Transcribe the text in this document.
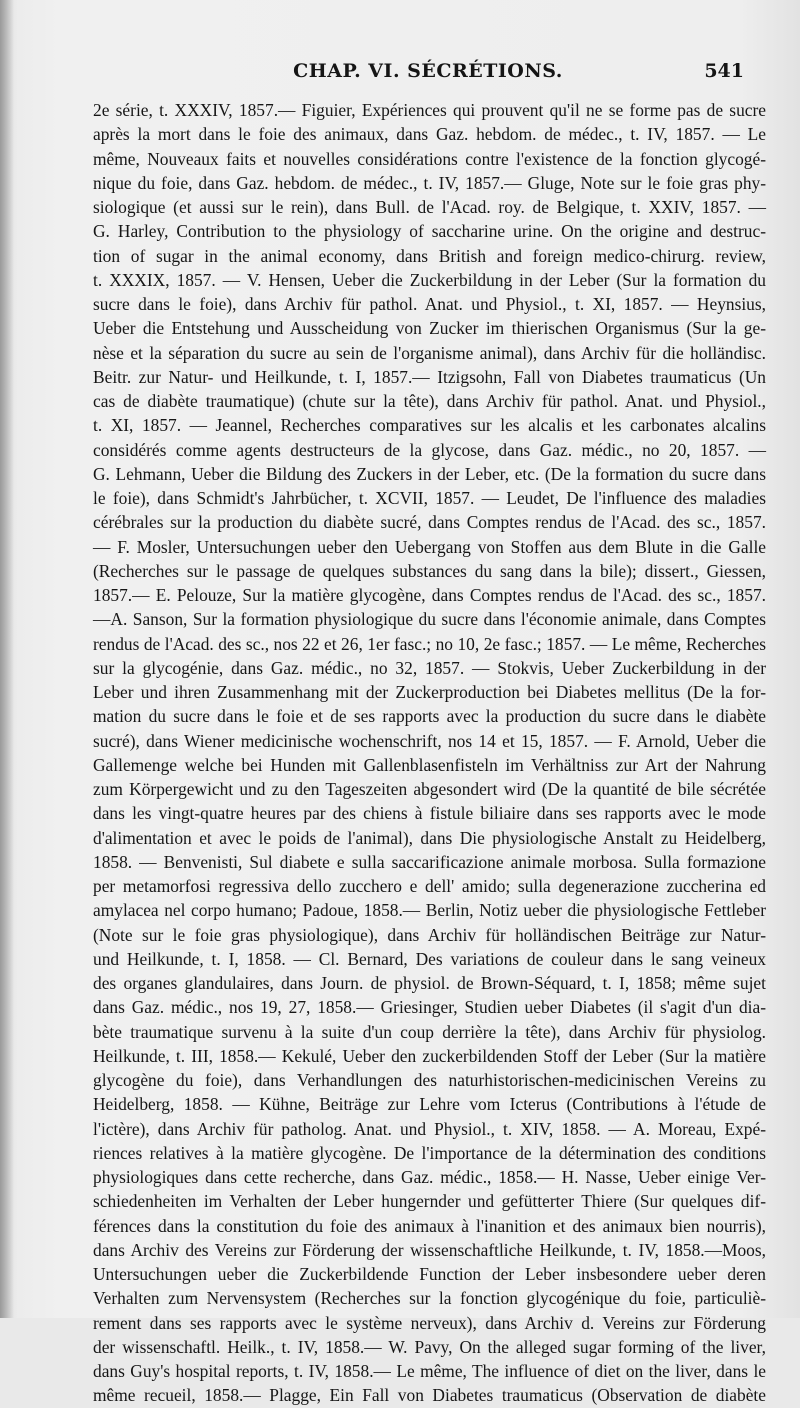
CHAP. VI. SÉCRÉTIONS.	541
2e série, t. XXXIV, 1857.— Figuier, Expériences qui prouvent qu'il ne se forme pas de sucre
après la mort dans le foie des animaux, dans Gaz. hebdom. de médec., t. IV, 1857. — Le
même, Nouveaux faits et nouvelles considérations contre l'existence de la fonction glycogé-
nique du foie, dans Gaz. hebdom. de médec., t. IV, 1857.— Gluge, Note sur le foie gras phy-
siologique (et aussi sur le rein), dans Bull. de l'Acad. roy. de Belgique, t. XXIV, 1857. —
G. Harley, Contribution to the physiology of saccharine urine. On the origine and destruc-
tion of sugar in the animal economy, dans British and foreign medico-chirurg. review,
t. XXXIX, 1857. — V. Hensen, Ueber die Zuckerbildung in der Leber (Sur la formation du
sucre dans le foie), dans Archiv für pathol. Anat. und Physiol., t. XI, 1857. — Heynsius,
Ueber die Entstehung und Ausscheidung von Zucker im thierischen Organismus (Sur la ge-
nèse et la séparation du sucre au sein de l'organisme animal), dans Archiv für die holländisc.
Beitr. zur Natur- und Heilkunde, t. I, 1857.— Itzigsohn, Fall von Diabetes traumaticus (Un
cas de diabète traumatique) (chute sur la tête), dans Archiv für pathol. Anat. und Physiol.,
t. XI, 1857. — Jeannel, Recherches comparatives sur les alcalis et les carbonates alcalins
considérés comme agents destructeurs de la glycose, dans Gaz. médic., no 20, 1857. —
G. Lehmann, Ueber die Bildung des Zuckers in der Leber, etc. (De la formation du sucre dans
le foie), dans Schmidt's Jahrbücher, t. XCVII, 1857. — Leudet, De l'influence des maladies
cérébrales sur la production du diabète sucré, dans Comptes rendus de l'Acad. des sc., 1857.
— F. Mosler, Untersuchungen ueber den Uebergang von Stoffen aus dem Blute in die Galle
(Recherches sur le passage de quelques substances du sang dans la bile); dissert., Giessen,
1857.— E. Pelouze, Sur la matière glycogène, dans Comptes rendus de l'Acad. des sc., 1857.
—A. Sanson, Sur la formation physiologique du sucre dans l'économie animale, dans Comptes
rendus de l'Acad. des sc., nos 22 et 26, 1er fasc.; no 10, 2e fasc.; 1857. — Le même, Recherches
sur la glycogénie, dans Gaz. médic., no 32, 1857. — Stokvis, Ueber Zuckerbildung in der
Leber und ihren Zusammenhang mit der Zuckerproduction bei Diabetes mellitus (De la for-
mation du sucre dans le foie et de ses rapports avec la production du sucre dans le diabète
sucré), dans Wiener medicinische wochenschrift, nos 14 et 15, 1857. — F. Arnold, Ueber die
Gallemenge welche bei Hunden mit Gallenblasenfisteln im Verhältniss zur Art der Nahrung
zum Körpergewicht und zu den Tageszeiten abgesondert wird (De la quantité de bile sécrétée
dans les vingt-quatre heures par des chiens à fistule biliaire dans ses rapports avec le mode
d'alimentation et avec le poids de l'animal), dans Die physiologische Anstalt zu Heidelberg,
1858. — Benvenisti, Sul diabete e sulla saccarificazione animale morbosa. Sulla formazione
per metamorfosi regressiva dello zucchero e dell' amido; sulla degenerazione zuccherina ed
amylacea nel corpo humano; Padoue, 1858.— Berlin, Notiz ueber die physiologische Fettleber
(Note sur le foie gras physiologique), dans Archiv für holländischen Beiträge zur Natur-
und Heilkunde, t. I, 1858. — Cl. Bernard, Des variations de couleur dans le sang veineux
des organes glandulaires, dans Journ. de physiol. de Brown-Séquard, t. I, 1858; même sujet
dans Gaz. médic., nos 19, 27, 1858.— Griesinger, Studien ueber Diabetes (il s'agit d'un dia-
bète traumatique survenu à la suite d'un coup derrière la tête), dans Archiv für physiolog.
Heilkunde, t. III, 1858.— Kekulé, Ueber den zuckerbildenden Stoff der Leber (Sur la matière
glycogène du foie), dans Verhandlungen des naturhistorischen-medicinischen Vereins zu
Heidelberg, 1858. — Kühne, Beiträge zur Lehre vom Icterus (Contributions à l'étude de
l'ictère), dans Archiv für patholog. Anat. und Physiol., t. XIV, 1858. — A. Moreau, Expé-
riences relatives à la matière glycogène. De l'importance de la détermination des conditions
physiologiques dans cette recherche, dans Gaz. médic., 1858.— H. Nasse, Ueber einige Ver-
schiedenheiten im Verhalten der Leber hungernder und gefütterter Thiere (Sur quelques dif-
férences dans la constitution du foie des animaux à l'inanition et des animaux bien nourris),
dans Archiv des Vereins zur Förderung der wissenschaftliche Heilkunde, t. IV, 1858.—Moos,
Untersuchungen ueber die Zuckerbildende Function der Leber insbesondere ueber deren
Verhalten zum Nervensystem (Recherches sur la fonction glycogénique du foie, particuliè-
rement dans ses rapports avec le système nerveux), dans Archiv d. Vereins zur Förderung
der wissenschaftl. Heilk., t. IV, 1858.— W. Pavy, On the alleged sugar forming of the liver,
dans Guy's hospital reports, t. IV, 1858.— Le même, The influence of diet on the liver, dans le
même recueil, 1858.— Plagge, Ein Fall von Diabetes traumaticus (Observation de diabète
